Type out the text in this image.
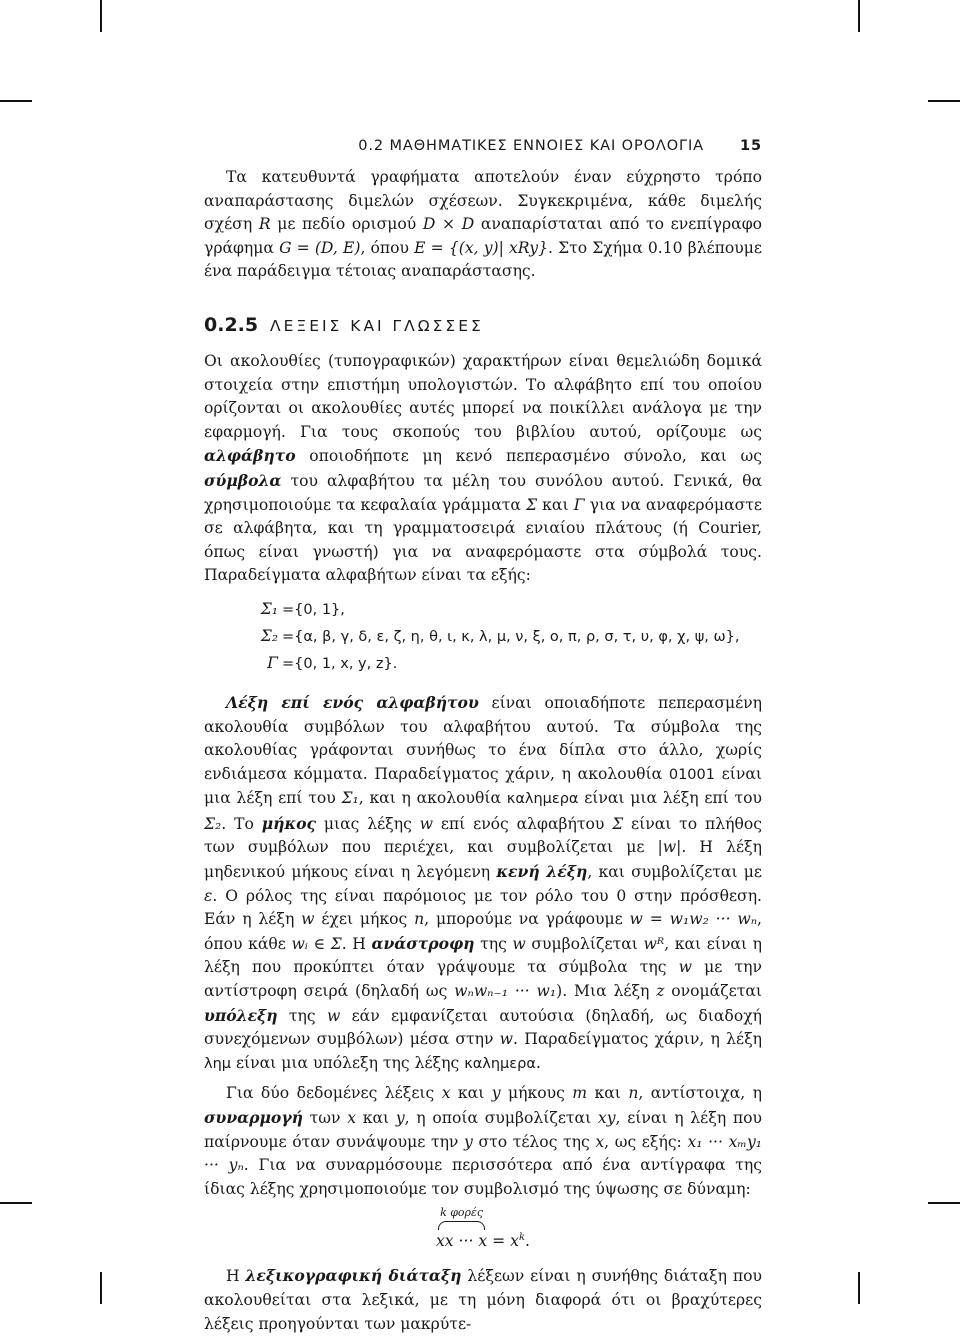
0.2 ΜΑΘΗΜΑΤΙΚΕΣ ΕΝΝΟΙΕΣ ΚΑΙ ΟΡΟΛΟΓΙΑ 15

Τα κατευθυντά γραφήματα αποτελούν έναν εύχρηστο τρόπο αναπαράστασης διμελών σχέσεων. Συγκεκριμένα, κάθε διμελής σχέση R με πεδίο ορισμού D × D αναπαρίσταται από το ενεπίγραφο γράφημα G = (D, E), όπου E = {(x, y)| xRy}. Στο Σχήμα 0.10 βλέπουμε ένα παράδειγμα τέτοιας αναπαράστασης.

0.2.5 ΛΕΞΕΙΣ ΚΑΙ ΓΛΩΣΣΕΣ

Οι ακολουθίες (τυπογραφικών) χαρακτήρων είναι θεμελιώδη δομικά στοιχεία στην επιστήμη υπολογιστών. Το αλφάβητο επί του οποίου ορίζονται οι ακολουθίες αυτές μπορεί να ποικίλλει ανάλογα με την εφαρμογή. Για τους σκοπούς του βιβλίου αυτού, ορίζουμε ως αλφάβητο οποιοδήποτε μη κενό πεπερασμένο σύνολο, και ως σύμβολα του αλφαβήτου τα μέλη του συνόλου αυτού. Γενικά, θα χρησιμοποιούμε τα κεφαλαία γράμματα Σ και Γ για να αναφερόμαστε σε αλφάβητα, και τη γραμματοσειρά ενιαίου πλάτους (ή Courier, όπως είναι γνωστή) για να αναφερόμαστε στα σύμβολά τους. Παραδείγματα αλφαβήτων είναι τα εξής:

Σ₁ ={0, 1},
Σ₂ ={α, β, γ, δ, ε, ζ, η, θ, ι, κ, λ, μ, ν, ξ, ο, π, ρ, σ, τ, υ, φ, χ, ψ, ω},
Γ ={0, 1, x, y, z}.

Λέξη επί ενός αλφαβήτου είναι οποιαδήποτε πεπερασμένη ακολουθία συμβόλων του αλφαβήτου αυτού. Τα σύμβολα της ακολουθίας γράφονται συνήθως το ένα δίπλα στο άλλο, χωρίς ενδιάμεσα κόμματα. Παραδείγματος χάριν, η ακολουθία 01001 είναι μια λέξη επί του Σ₁, και η ακολουθία καλημερα είναι μια λέξη επί του Σ₂. Το μήκος μιας λέξης w επί ενός αλφαβήτου Σ είναι το πλήθος των συμβόλων που περιέχει, και συμβολίζεται με |w|. Η λέξη μηδενικού μήκους είναι η λεγόμενη κενή λέξη, και συμβολίζεται με ε. Ο ρόλος της είναι παρόμοιος με τον ρόλο του 0 στην πρόσθεση. Εάν η λέξη w έχει μήκος n, μπορούμε να γράφουμε w = w₁w₂ ··· wₙ, όπου κάθε wᵢ ∈ Σ. Η ανάστροφη της w συμβολίζεται wᴿ, και είναι η λέξη που προκύπτει όταν γράψουμε τα σύμβολα της w με την αντίστροφη σειρά (δηλαδή ως wₙwₙ₋₁ ··· w₁). Μια λέξη z ονομάζεται υπόλεξη της w εάν εμφανίζεται αυτούσια (δηλαδή, ως διαδοχή συνεχόμενων συμβόλων) μέσα στην w. Παραδείγματος χάριν, η λέξη λημ είναι μια υπόλεξη της λέξης καλημερα.

Για δύο δεδομένες λέξεις x και y μήκους m και n, αντίστοιχα, η συναρμογή των x και y, η οποία συμβολίζεται xy, είναι η λέξη που παίρνουμε όταν συνάψουμε την y στο τέλος της x, ως εξής: x₁ ··· xₘy₁ ··· yₙ. Για να συναρμόσουμε περισσότερα από ένα αντίγραφα της ίδιας λέξης χρησιμοποιούμε τον συμβολισμό της ύψωσης σε δύναμη:

k φορές
xx ··· $x = x^k$.

Η λεξικογραφική διάταξη λέξεων είναι η συνήθης διάταξη που ακολουθείται στα λεξικά, με τη μόνη διαφορά ότι οι βραχύτερες λέξεις προηγούνται των μακρύτε-
